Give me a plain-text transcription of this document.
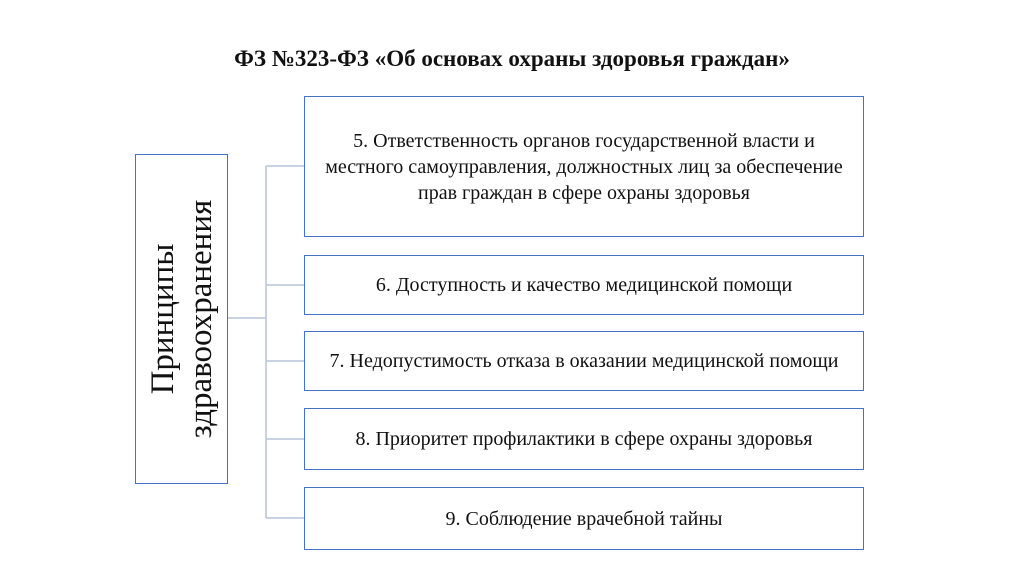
ФЗ №323-ФЗ «Об основах охраны здоровья граждан»
Принципы здравоохранения
5. Ответственность органов государственной власти и местного самоуправления, должностных лиц за обеспечение прав граждан в сфере охраны здоровья
6. Доступность и качество медицинской помощи
7. Недопустимость отказа в оказании медицинской помощи
8. Приоритет профилактики в сфере охраны здоровья
9. Соблюдение врачебной тайны
